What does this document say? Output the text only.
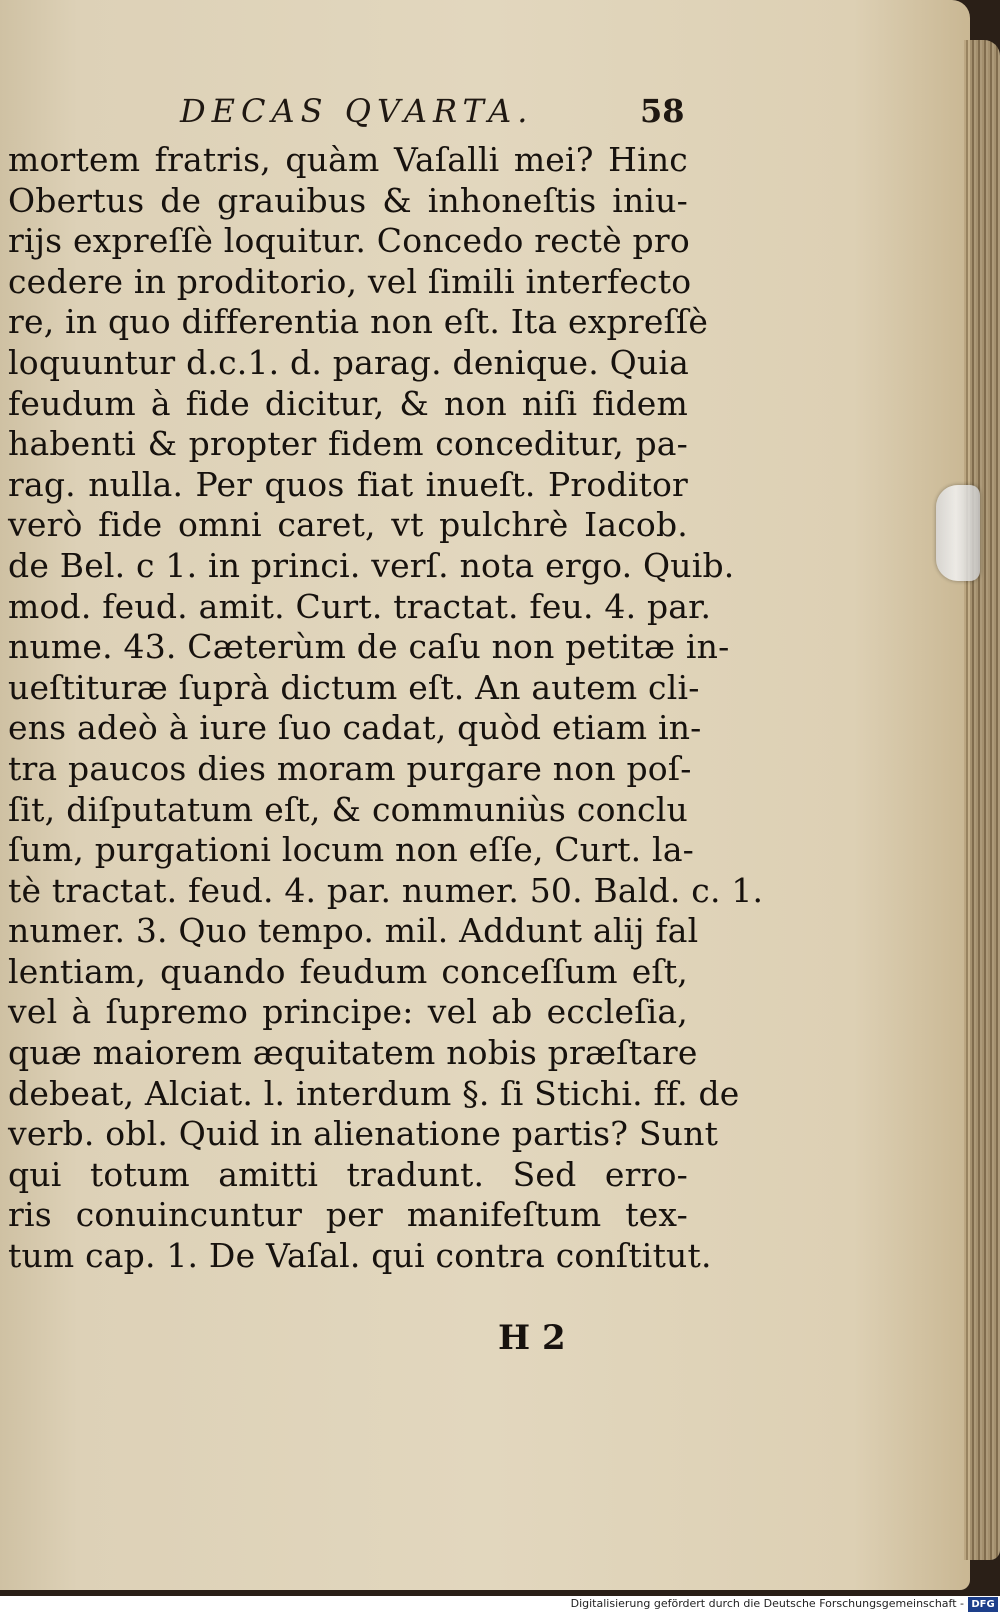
DECAS QVARTA.	58
mortem fratris, quàm Vaſalli mei? Hinc
Obertus de grauibus & inhoneſtis iniu-
rijs expreſſè loquitur. Concedo rectè pro
cedere in proditorio, vel ſimili interfecto
re, in quo differentia non eſt. Ita expreſſè
loquuntur d.c.1. d. parag. denique. Quia
feudum à fide dicitur, & non niſi fidem
habenti & propter fidem conceditur, pa-
rag. nulla. Per quos fiat inueſt. Proditor
verò fide omni caret, vt pulchrè Iacob.
de Bel. c 1. in princi. verſ. nota ergo. Quib.
mod. feud. amit. Curt. tractat. feu. 4. par.
nume. 43. Cæterùm de caſu non petitæ in-
ueſtituræ ſuprà dictum eſt. An autem cli-
ens adeò à iure ſuo cadat, quòd etiam in-
tra paucos dies moram purgare non poſ-
ſit, diſputatum eſt, & communiùs conclu
ſum, purgationi locum non eſſe, Curt. la-
tè tractat. feud. 4. par. numer. 50. Bald. c. 1.
numer. 3. Quo tempo. mil. Addunt alij fal
lentiam, quando feudum conceſſum eſt,
vel à ſupremo principe: vel ab eccleſia,
quæ maiorem æquitatem nobis præſtare
debeat, Alciat. l. interdum §. ſi Stichi. ff. de
verb. obl. Quid in alienatione partis? Sunt
qui totum amitti tradunt. Sed erro-
ris conuincuntur per manifeſtum tex-
tum cap. 1. De Vaſal. qui contra conſtitut.
H 2
Digitalisierung gefördert durch die Deutsche Forschungsgemeinschaft - DFG
